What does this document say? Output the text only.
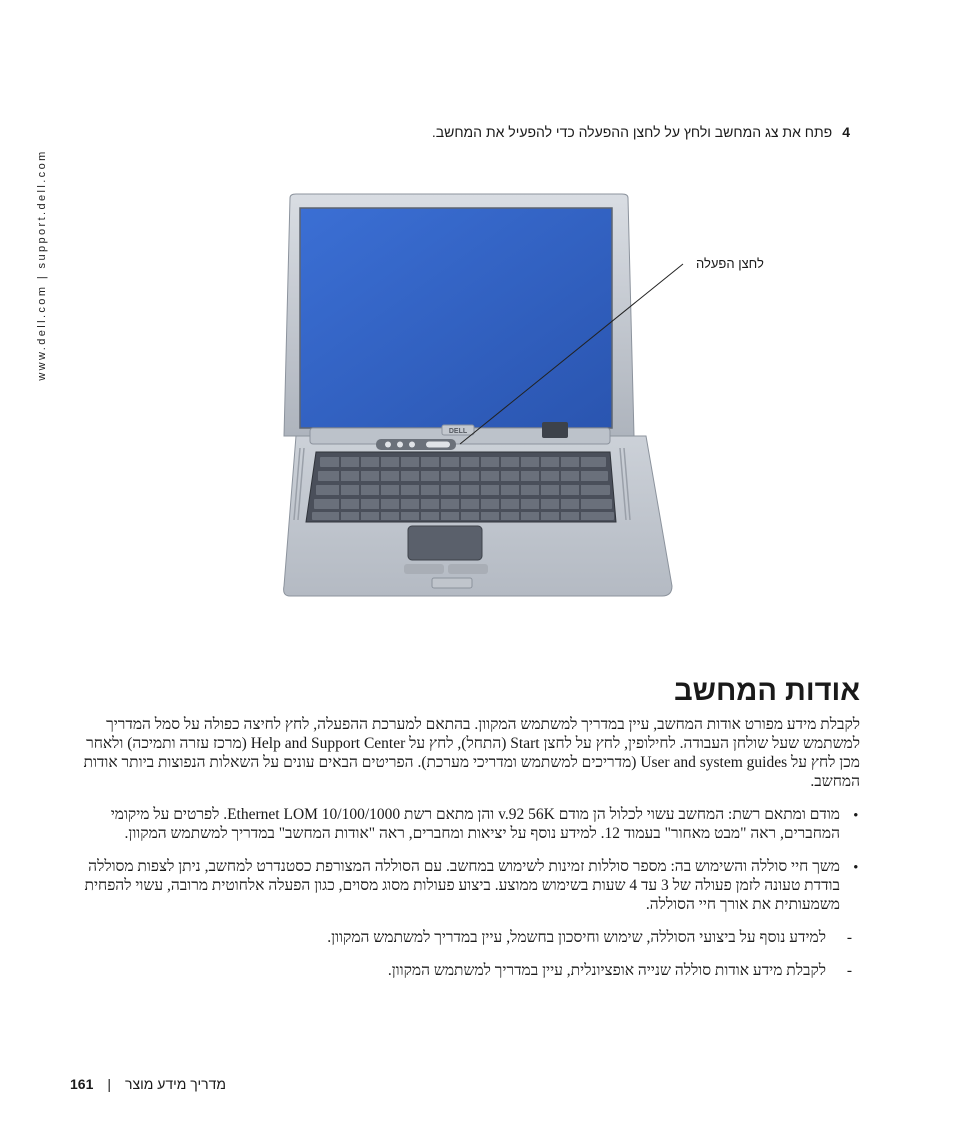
www.dell.com | support.dell.com
4פתח את צג המחשב ולחץ על לחצן ההפעלה כדי להפעיל את המחשב.
DELL
לחצן הפעלה
אודות המחשב

לקבלת מידע מפורט אודות המחשב, עיין במדריך למשתמש המקוון. בהתאם למערכת ההפעלה, לחץ לחיצה כפולה על סמל המדריך למשתמש שעל שולחן העבודה. לחילופין, לחץ על לחצן Start (התחל), לחץ על Help and Support Center (מרכז עזרה ותמיכה) ולאחר מכן לחץ על User and system guides (מדריכים למשתמש ומדריכי מערכת). הפריטים הבאים עונים על השאלות הנפוצות ביותר אודות המחשב.

•
מודם ומתאם רשת: המחשב עשוי לכלול הן מודם v.92 56K והן מתאם רשת Ethernet LOM 10/100/1000. לפרטים על מיקומי המחברים, ראה "מבט מאחור" בעמוד 12. למידע נוסף על יציאות ומחברים, ראה "אודות המחשב" במדריך למשתמש המקוון.
•
משך חיי סוללה והשימוש בה: מספר סוללות זמינות לשימוש במחשב. עם הסוללה המצורפת כסטנדרט למחשב, ניתן לצפות מסוללה בודדת טעונה לזמן פעולה של 3 עד 4 שעות בשימוש ממוצע. ביצוע פעולות מסוג מסוים, כגון הפעלה אלחוטית מרובה, עשוי להפחית משמעותית את אורך חיי הסוללה.
-
למידע נוסף על ביצועי הסוללה, שימוש וחיסכון בחשמל, עיין במדריך למשתמש המקוון.
-
לקבלת מידע אודות סוללה שנייה אופציונלית, עיין במדריך למשתמש המקוון.
161 | מדריך מידע מוצר
